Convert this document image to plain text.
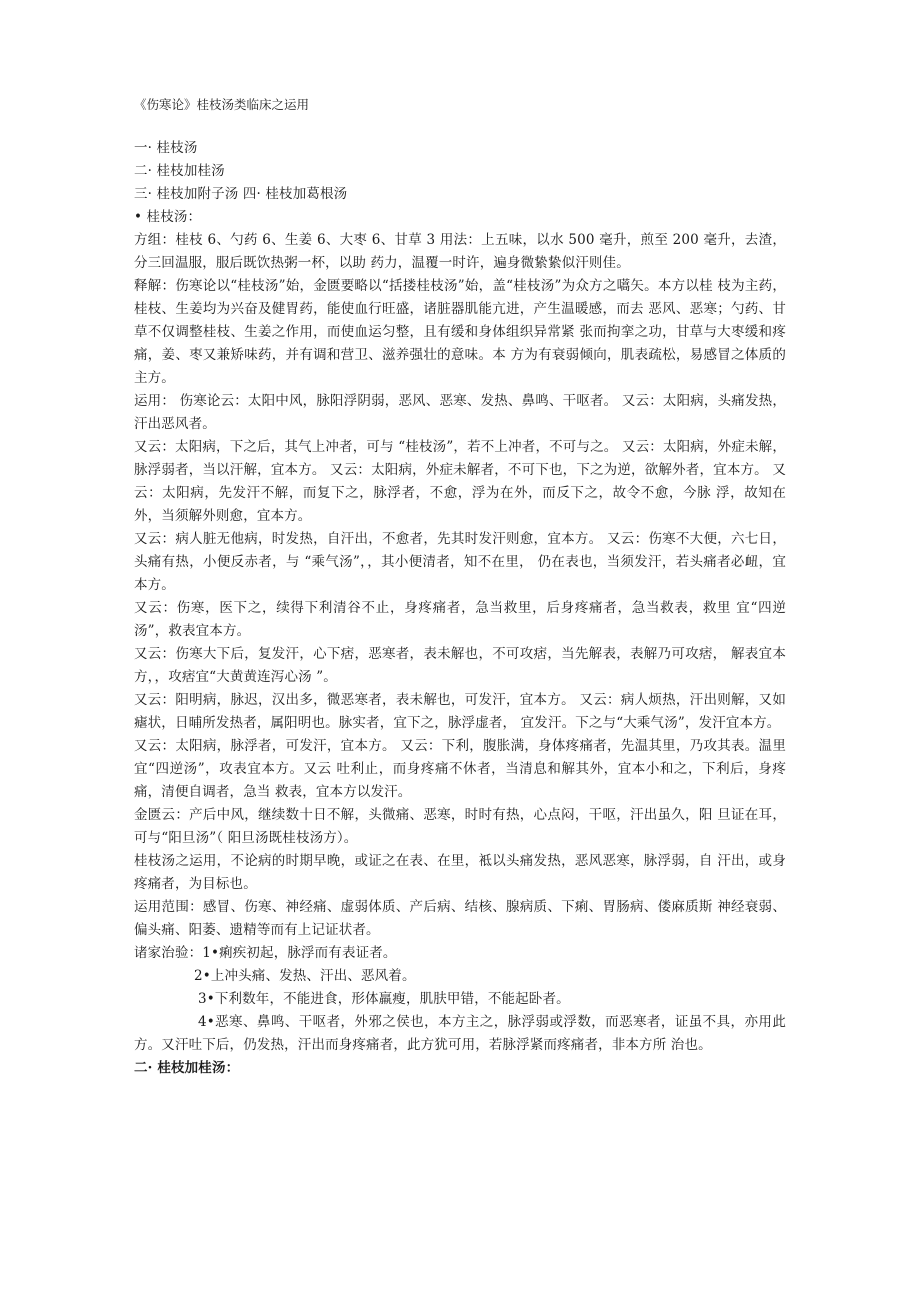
《伤寒论》桂枝汤类临床之运用

一· 桂枝汤

二· 桂枝加桂汤

三· 桂枝加附子汤 四· 桂枝加葛根汤

• 桂枝汤：

方组：桂枝 6、勺药 6、生姜 6、大枣 6、甘草 3 用法：上五味，以水 500 毫升，煎至 200 毫升，去渣，分三回温服，服后既饮热粥一杯，以助 药力，温覆一时许，遍身微絷絷似汗则佳。

释解：伤寒论以“桂枝汤”始，金匮要略以“括搂桂枝汤”始，盖“桂枝汤”为众方之嚆矢。本方以桂 枝为主药，桂枝、生姜均为兴奋及健胃药，能使血行旺盛，诸脏器肌能亢进，产生温暖感，而去 恶风、恶寒；勺药、甘草不仅调整桂枝、生姜之作用，而使血运匀整，且有缓和身体组织异常紧 张而拘挛之功，甘草与大枣缓和疼痛，姜、枣又兼矫味药，并有调和营卫、滋养强壮的意味。本 方为有衰弱倾向，肌表疏松，易感冒之体质的主方。

运用： 伤寒论云：太阳中风，脉阳浮阴弱，恶风、恶寒、发热、鼻鸣、干呕者。 又云：太阳病，头痛发热，汗出恶风者。

又云：太阳病，下之后，其气上冲者，可与 “桂枝汤”，若不上冲者，不可与之。 又云：太阳病，外症未解，脉浮弱者，当以汗解，宜本方。 又云：太阳病，外症未解者，不可下也，下之为逆，欲解外者，宜本方。 又云：太阳病，先发汗不解，而复下之，脉浮者，不愈，浮为在外，而反下之，故令不愈，今脉 浮，故知在外，当须解外则愈，宜本方。

又云：病人脏无他病，时发热，自汗出，不愈者，先其时发汗则愈，宜本方。 又云：伤寒不大便，六七日，头痛有热，小便反赤者，与 “乘气汤”，，其小便清者，知不在里， 仍在表也，当须发汗，若头痛者必衄，宜本方。

又云：伤寒，医下之，续得下利清谷不止，身疼痛者，急当救里，后身疼痛者，急当救表，救里 宜“四逆汤”，救表宜本方。

又云：伤寒大下后，复发汗，心下痞，恶寒者，表未解也，不可攻痞，当先解表，表解乃可攻痞， 解表宜本方，，攻痞宜“大黄黄连泻心汤 ”。

又云：阳明病，脉迟，汉出多，微恶寒者，表未解也，可发汗，宜本方。 又云：病人烦热，汗出则解，又如瘧状，日晡所发热者，属阳明也。脉实者，宜下之，脉浮虚者， 宜发汗。下之与“大乘气汤”，发汗宜本方。

又云：太阳病，脉浮者，可发汗，宜本方。 又云：下利，腹胀满，身体疼痛者，先温其里，乃攻其表。温里宜“四逆汤”，攻表宜本方。又云 吐利止，而身疼痛不休者，当清息和解其外，宜本小和之，下利后，身疼痛，清便自调者，急当 救表，宜本方以发汗。

金匮云：产后中风，继续数十日不解，头微痛、恶寒，时时有热，心点闷，干呕，汗出虽久，阳 旦证在耳，可与“阳旦汤”（ 阳旦汤既桂枝汤方）。

桂枝汤之运用，不论病的时期早晚，或证之在表、在里，袛以头痛发热，恶风恶寒，脉浮弱，自 汗出，或身疼痛者，为目标也。

运用范围：感冒、伤寒、神经痛、虚弱体质、产后病、结核、腺病质、下痢、胃肠病、偻麻质斯 神经衰弱、偏头痛、阳萎、遗精等而有上记证状者。

诸家治验：1•痢疾初起，脉浮而有表证者。

2•上冲头痛、发热、汗出、恶风着。

3•下利数年，不能进食，形体羸瘦，肌肤甲错，不能起卧者。

4•恶寒、鼻鸣、干呕者，外邪之侯也，本方主之，脉浮弱或浮数，而恶寒者，证虽不具，亦用此方。又汗吐下后，仍发热，汗出而身疼痛者，此方犹可用，若脉浮紧而疼痛者，非本方所 治也。

二· 桂枝加桂汤：
